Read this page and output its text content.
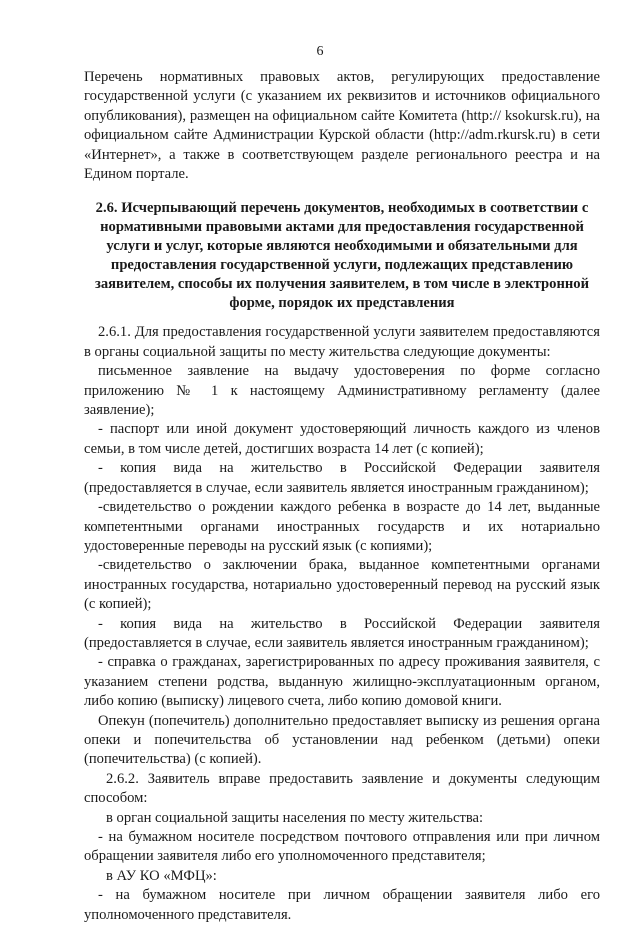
6

Перечень нормативных правовых актов, регулирующих предоставление государственной услуги (с указанием их реквизитов и источников официального опубликования), размещен на официальном сайте Комитета (http:// ksokursk.ru), на официальном сайте Администрации Курской области (http://adm.rkursk.ru) в сети «Интернет», а также в соответствующем разделе регионального реестра и на Едином портале.

2.6. Исчерпывающий перечень документов, необходимых в соответствии с нормативными правовыми актами для предоставления государственной услуги и услуг, которые являются необходимыми и обязательными для предоставления государственной услуги, подлежащих представлению заявителем, способы их получения заявителем, в том числе в электронной форме, порядок их представления

2.6.1. Для предоставления государственной услуги заявителем предоставляются в органы социальной защиты по месту жительства следующие документы:

письменное заявление на выдачу удостоверения по форме согласно приложению № 1 к настоящему Административному регламенту (далее заявление);

- паспорт или иной документ удостоверяющий личность каждого из членов семьи, в том числе детей, достигших возраста 14 лет (с копией);

- копия вида на жительство в Российской Федерации заявителя (предоставляется в случае, если заявитель является иностранным гражданином);

-свидетельство о рождении каждого ребенка в возрасте до 14 лет, выданные компетентными органами иностранных государств и их нотариально удостоверенные переводы на русский язык (с копиями);

-свидетельство о заключении брака, выданное компетентными органами иностранных государства, нотариально удостоверенный перевод на русский язык (с копией);

- копия вида на жительство в Российской Федерации заявителя (предоставляется в случае, если заявитель является иностранным гражданином);

- справка о гражданах, зарегистрированных по адресу проживания заявителя, с указанием степени родства, выданную жилищно-эксплуатационным органом, либо копию (выписку) лицевого счета, либо копию домовой книги.

Опекун (попечитель) дополнительно предоставляет выписку из решения органа опеки и попечительства об установлении над ребенком (детьми) опеки (попечительства) (с копией).

2.6.2. Заявитель вправе предоставить заявление и документы следующим способом:

в орган социальной защиты населения по месту жительства:

- на бумажном носителе посредством почтового отправления или при личном обращении заявителя либо его уполномоченного представителя;

в АУ КО «МФЦ»:

- на бумажном носителе при личном обращении заявителя либо его уполномоченного представителя.
